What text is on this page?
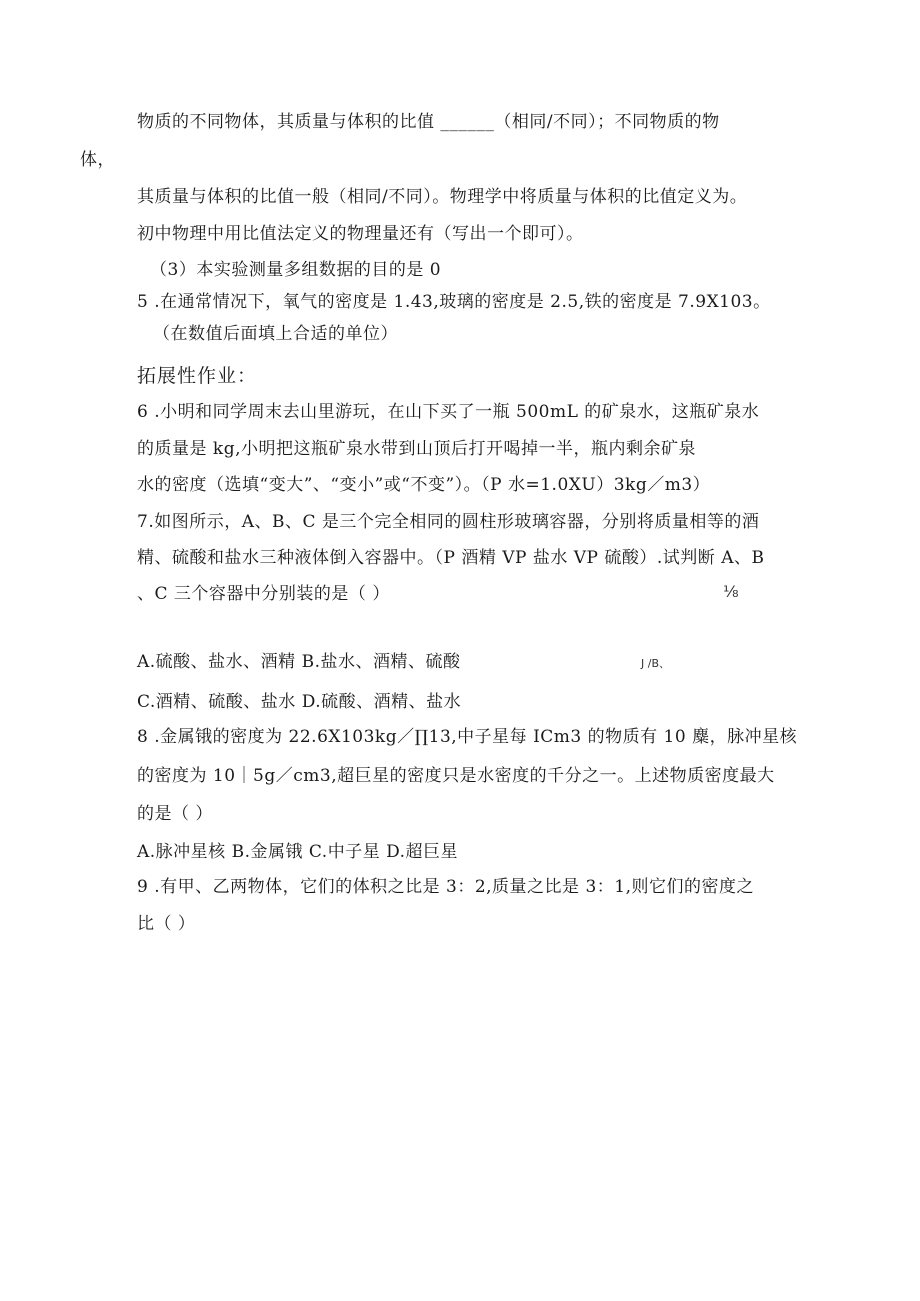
物质的不同物体，其质量与体积的比值 ______（相同/不同）；不同物质的物
体，
其质量与体积的比值一般（相同/不同）。物理学中将质量与体积的比值定义为。
初中物理中用比值法定义的物理量还有（写出一个即可）。
（3）本实验测量多组数据的目的是 0
5 .在通常情况下，氧气的密度是 1.43,玻璃的密度是 2.5,铁的密度是 7.9X103。
（在数值后面填上合适的单位）
拓展性作业：
6 .小明和同学周末去山里游玩，在山下买了一瓶 500mL 的矿泉水，这瓶矿泉水
的质量是 kg,小明把这瓶矿泉水带到山顶后打开喝掉一半，瓶内剩余矿泉
水的密度（选填“变大”、“变小”或“不变”）。（P 水=1.0XU）3kg／m3）
7.如图所示，A、B、C 是三个完全相同的圆柱形玻璃容器，分别将质量相等的酒
精、硫酸和盐水三种液体倒入容器中。（P 酒精 VP 盐水 VP 硫酸）.试判断 A、B
、C 三个容器中分别装的是（ ）	⅛
A.硫酸、盐水、酒精 B.盐水、酒精、硫酸	J /B、
C.酒精、硫酸、盐水 D.硫酸、酒精、盐水
8 .金属锇的密度为 22.6X103kg／∏13,中子星每 ICm3 的物质有 10 麋，脉冲星核
的密度为 10｜5g／cm3,超巨星的密度只是水密度的千分之一。上述物质密度最大
的是（ ）
A.脉冲星核 B.金属锇 C.中子星 D.超巨星
9 .有甲、乙两物体，它们的体积之比是 3：2,质量之比是 3：1,则它们的密度之
比（ ）
